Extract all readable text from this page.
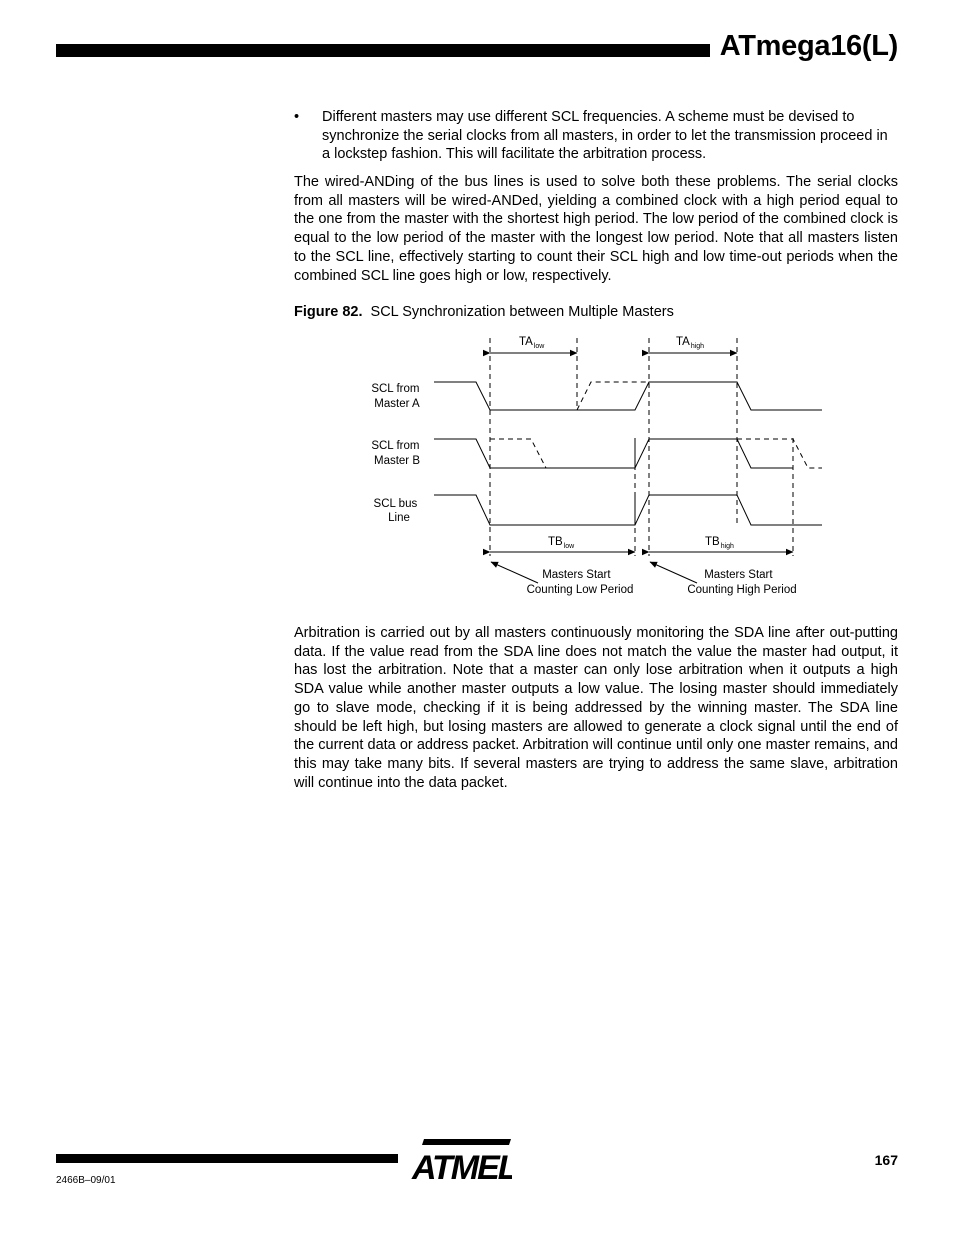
ATmega16(L)
• Different masters may use different SCL frequencies. A scheme must be devised to synchronize the serial clocks from all masters, in order to let the transmission proceed in a lockstep fashion. This will facilitate the arbitration process.

The wired-ANDing of the bus lines is used to solve both these problems. The serial clocks from all masters will be wired-ANDed, yielding a combined clock with a high period equal to the one from the master with the shortest high period. The low period of the combined clock is equal to the low period of the master with the longest low period. Note that all masters listen to the SCL line, effectively starting to count their SCL high and low time-out periods when the combined SCL line goes high or low, respectively.

Figure 82. SCL Synchronization between Multiple Masters
$TA_{low}$	$TA_{high}$
$TB_{low}$	$TB_{high}$
SCL from Master A
SCL from Master B
SCL bus Line
Masters Start Counting Low Period
Masters Start Counting High Period

Arbitration is carried out by all masters continuously monitoring the SDA line after out-putting data. If the value read from the SDA line does not match the value the master had output, it has lost the arbitration. Note that a master can only lose arbitration when it outputs a high SDA value while another master outputs a low value. The losing master should immediately go to slave mode, checking if it is being addressed by the winning master. The SDA line should be left high, but losing masters are allowed to generate a clock signal until the end of the current data or address packet. Arbitration will continue until only one master remains, and this may take many bits. If several masters are trying to address the same slave, arbitration will continue into the data packet.

2466B–09/01
167
ATMEL
